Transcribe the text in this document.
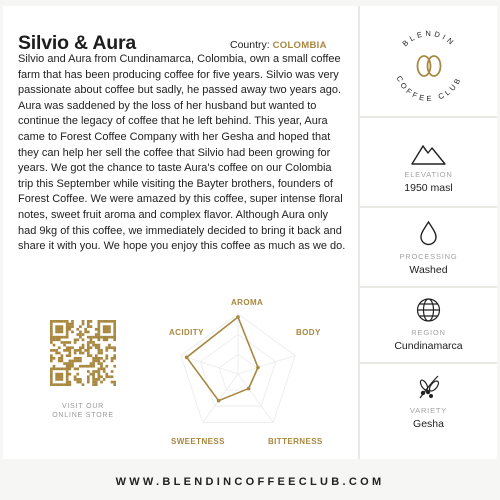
Silvio & Aura	Country: COLOMBIA

Silvio and Aura from Cundinamarca, Colombia, own a small coffee farm that has been producing coffee for five years. Silvio was very passionate about coffee but sadly, he passed away two years ago. Aura was saddened by the loss of her husband but wanted to continue the legacy of coffee that he left behind. This year, Aura came to Forest Coffee Company with her Gesha and hoped that they can help her sell the coffee that Silvio had been growing for years. We got the chance to taste Aura's coffee on our Colombia trip this September while visiting the Bayter brothers, founders of Forest Coffee. We were amazed by this coffee, super intense floral notes, sweet fruit aroma and complex flavor. Although Aura only had 9kg of this coffee, we immediately decided to bring it back and share it with you. We hope you enjoy this coffee as much as we do.

VISIT OUR
ONLINE STORE
AROMA
BODY
BITTERNESS
SWEETNESS
ACIDITY
BLENDIN
COFFEE CLUB
ELEVATION
1950 masl
PROCESSING
Washed
REGION
Cundinamarca
VARIETY
Gesha
WWW.BLENDINCOFFEECLUB.COM
